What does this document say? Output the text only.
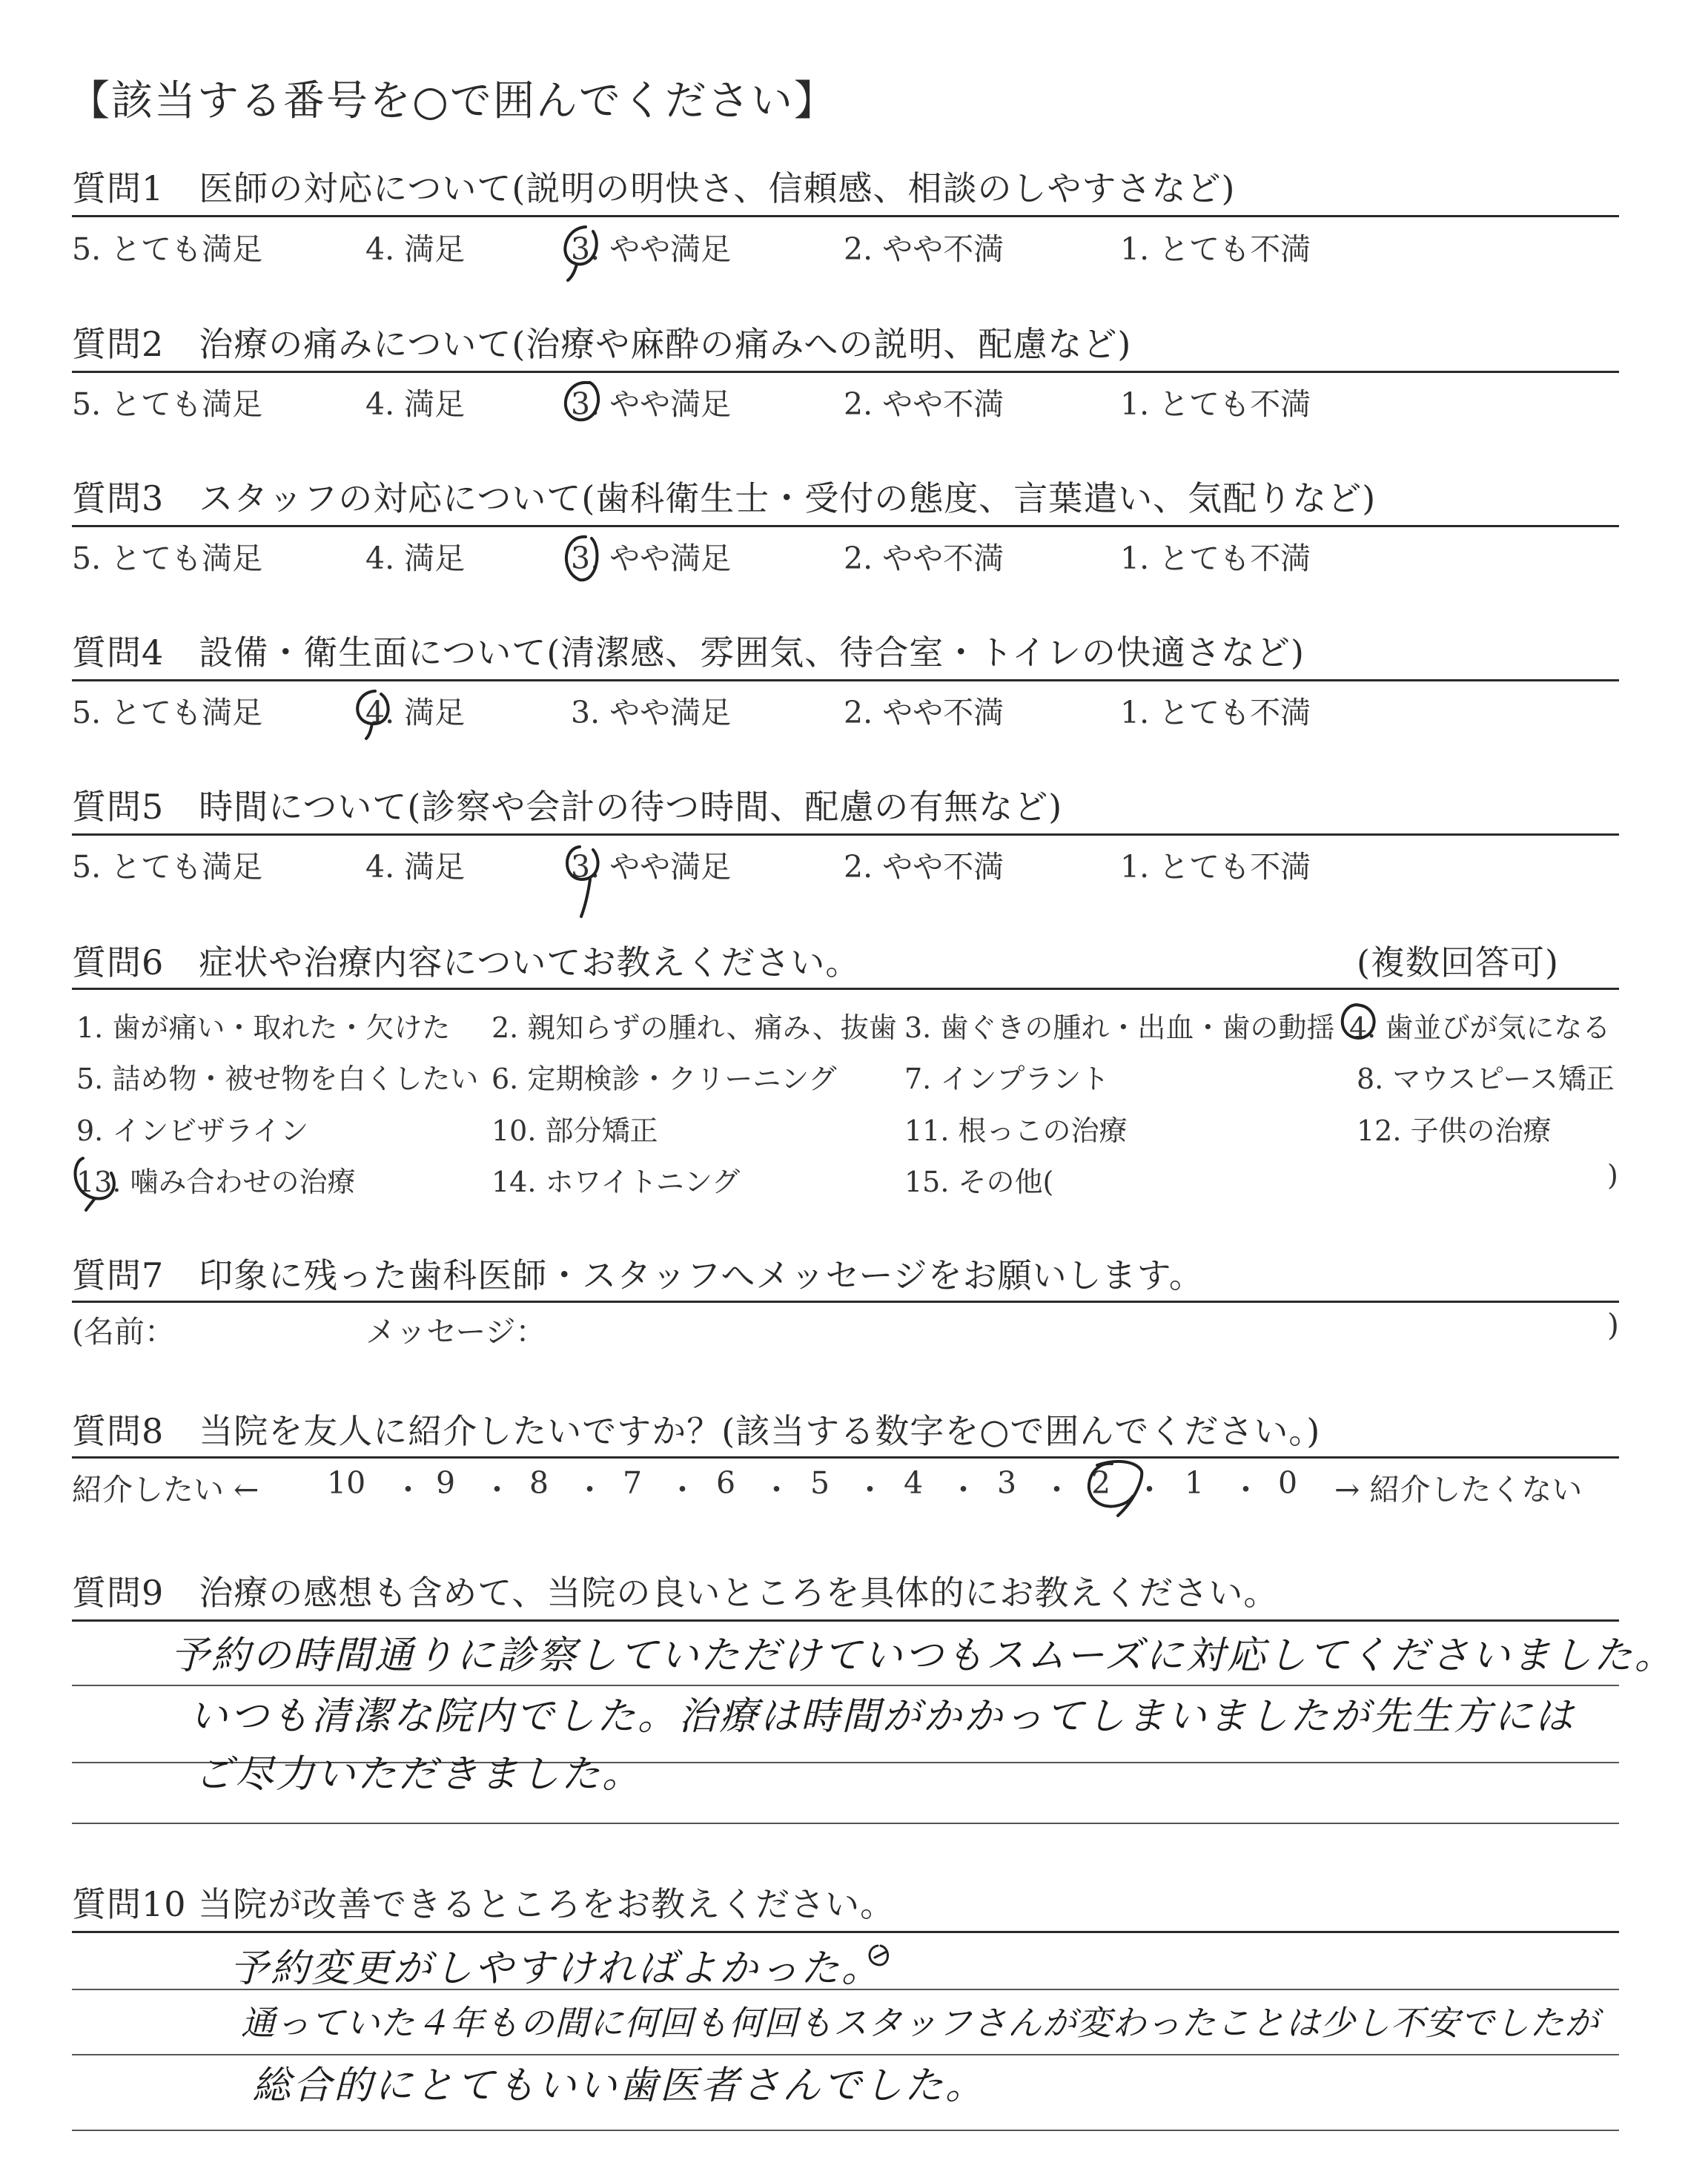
【該当する番号を○で囲んでください】
質問1　医師の対応について(説明の明快さ、信頼感、相談のしやすさなど)
5. とても満足	4. 満足	3. やや満足	2. やや不満	1. とても不満
質問2　治療の痛みについて(治療や麻酔の痛みへの説明、配慮など)
5. とても満足	4. 満足	3. やや満足	2. やや不満	1. とても不満
質問3　スタッフの対応について(歯科衛生士・受付の態度、言葉遣い、気配りなど)
5. とても満足	4. 満足	3. やや満足	2. やや不満	1. とても不満
質問4　設備・衛生面について(清潔感、雰囲気、待合室・トイレの快適さなど)
5. とても満足	4. 満足	3. やや満足	2. やや不満	1. とても不満
質問5　時間について(診察や会計の待つ時間、配慮の有無など)
5. とても満足	4. 満足	3. やや満足	2. やや不満	1. とても不満
質問6　症状や治療内容についてお教えください。	(複数回答可)
1. 歯が痛い・取れた・欠けた 2. 親知らずの腫れ、痛み、抜歯 3. 歯ぐきの腫れ・出血・歯の動揺 4. 歯並びが気になる
5. 詰め物・被せ物を白くしたい 6. 定期検診・クリーニング 7. インプラント	8. マウスピース矯正
9. インビザライン	10. 部分矯正	11. 根っこの治療	12. 子供の治療
13. 噛み合わせの治療	14. ホワイトニング	15. その他(	)
質問7　印象に残った歯科医師・スタッフへメッセージをお願いします。
(名前：	メッセージ：	)
質問8　当院を友人に紹介したいですか？(該当する数字を○で囲んでください。)
紹介したい ← 10 ・ 9 ・ 8 ・ 7 ・ 6 ・ 5 ・ 4 ・ 3 ・ 2 ・ 1 ・ 0 → 紹介したくない
質問9　治療の感想も含めて、当院の良いところを具体的にお教えください。
予約の時間通りに診察していただけていつもスムーズに対応してくださいました。
いつも清潔な院内でした。治療は時間がかかってしまいましたが先生方には
ご尽力いただきました。
質問10 当院が改善できるところをお教えください。
予約変更がしやすければよかった。
通っていた４年もの間に何回も何回もスタッフさんが変わったことは少し不安でしたが
総合的にとてもいい歯医者さんでした。
